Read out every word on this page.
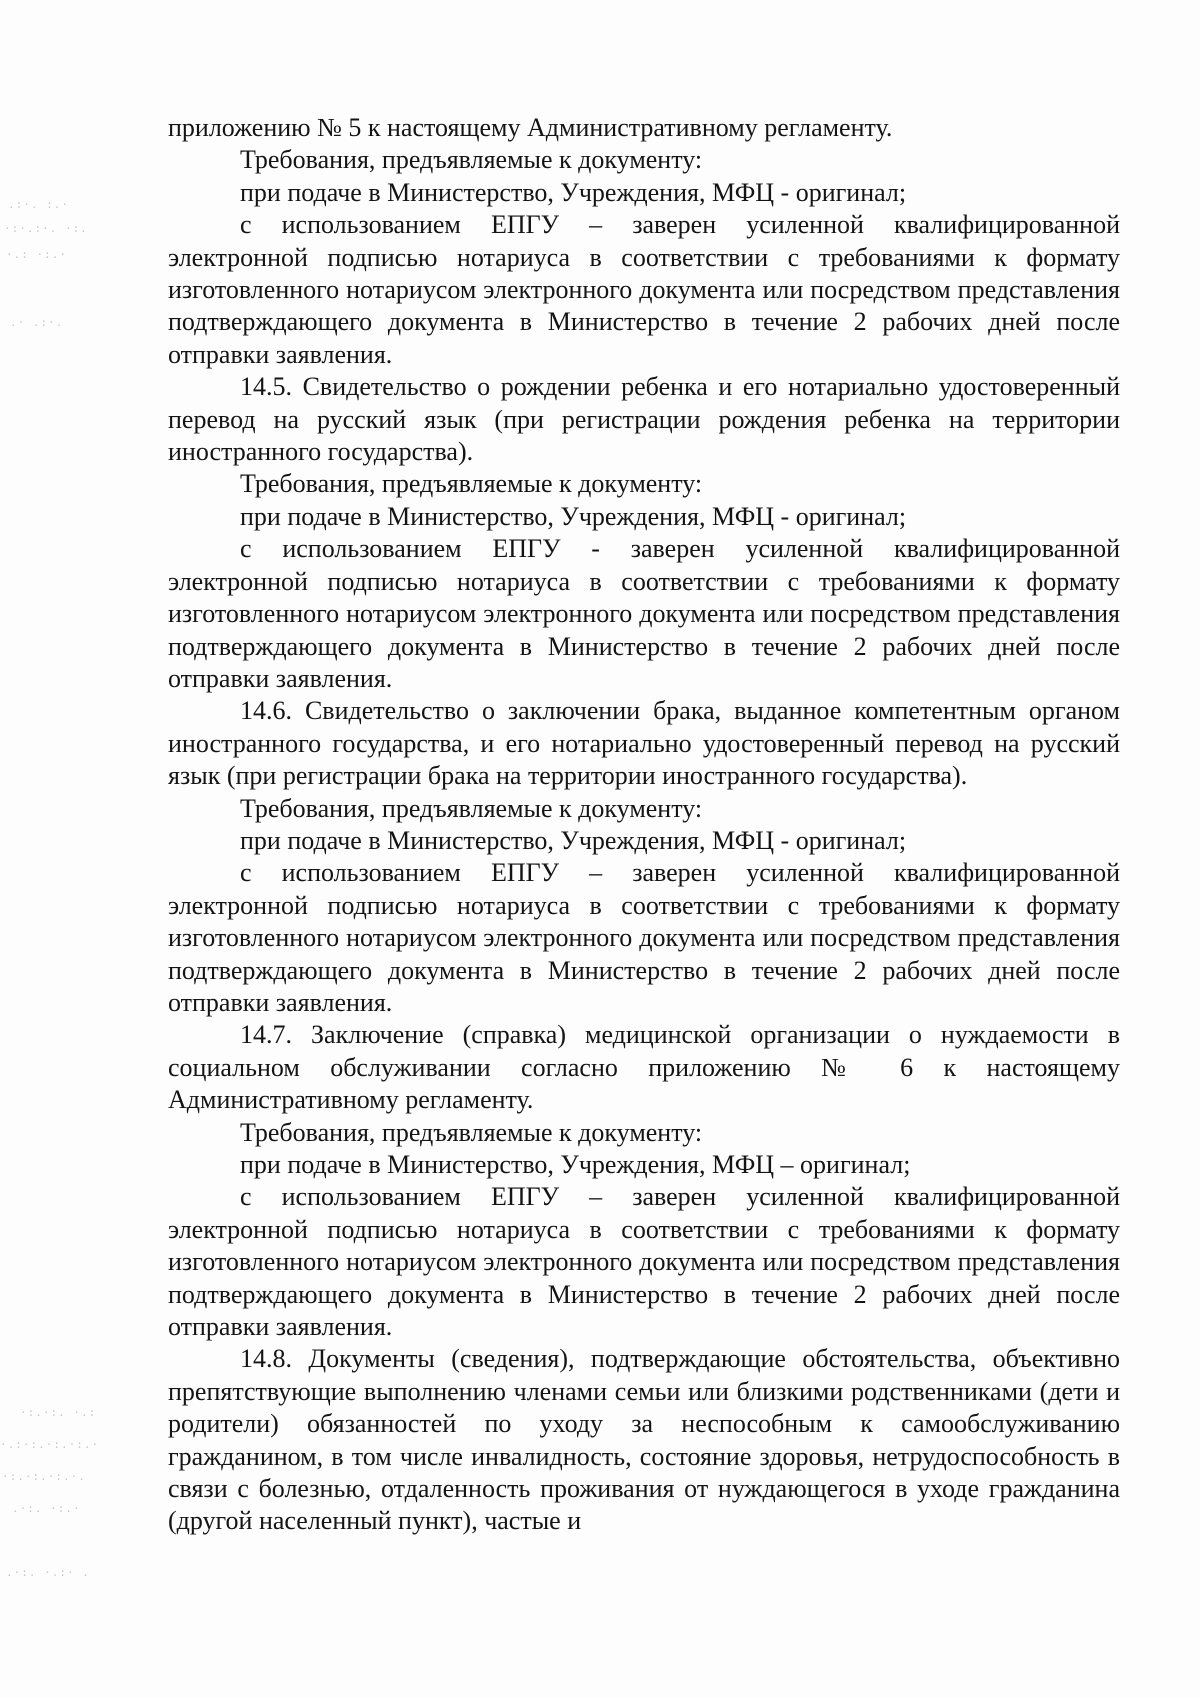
.:·. :.·
·:·.:·. ·:.
·.: ·:.·
.· .:·.
·:.·:. ·.:
·.:·:.·:.·:.·
·:.·:.·:.·.
.·:. ·:.·
.·:. ·.:· .

приложению № 5 к настоящему Административному регламенту.

Требования, предъявляемые к документу:

при подаче в Министерство, Учреждения, МФЦ - оригинал;

с использованием ЕПГУ – заверен усиленной квалифицированной электронной подписью нотариуса в соответствии с требованиями к формату изготовленного нотариусом электронного документа или посредством представления подтверждающего документа в Министерство в течение 2 рабочих дней после отправки заявления.

14.5. Свидетельство о рождении ребенка и его нотариально удостоверенный перевод на русский язык (при регистрации рождения ребенка на территории иностранного государства).

Требования, предъявляемые к документу:

при подаче в Министерство, Учреждения, МФЦ - оригинал;

с использованием ЕПГУ - заверен усиленной квалифицированной электронной подписью нотариуса в соответствии с требованиями к формату изготовленного нотариусом электронного документа или посредством представления подтверждающего документа в Министерство в течение 2 рабочих дней после отправки заявления.

14.6. Свидетельство о заключении брака, выданное компетентным органом иностранного государства, и его нотариально удостоверенный перевод на русский язык (при регистрации брака на территории иностранного государства).

Требования, предъявляемые к документу:

при подаче в Министерство, Учреждения, МФЦ - оригинал;

с использованием ЕПГУ – заверен усиленной квалифицированной электронной подписью нотариуса в соответствии с требованиями к формату изготовленного нотариусом электронного документа или посредством представления подтверждающего документа в Министерство в течение 2 рабочих дней после отправки заявления.

14.7. Заключение (справка) медицинской организации о нуждаемости в социальном обслуживании согласно приложению № 6 к настоящему Административному регламенту.

Требования, предъявляемые к документу:

при подаче в Министерство, Учреждения, МФЦ – оригинал;

с использованием ЕПГУ – заверен усиленной квалифицированной электронной подписью нотариуса в соответствии с требованиями к формату изготовленного нотариусом электронного документа или посредством представления подтверждающего документа в Министерство в течение 2 рабочих дней после отправки заявления.

14.8. Документы (сведения), подтверждающие обстоятельства, объективно препятствующие выполнению членами семьи или близкими родственниками (дети и родители) обязанностей по уходу за неспособным к самообслуживанию гражданином, в том числе инвалидность, состояние здоровья, нетрудоспособность в связи с болезнью, отдаленность проживания от нуждающегося в уходе гражданина (другой населенный пункт), частые и
